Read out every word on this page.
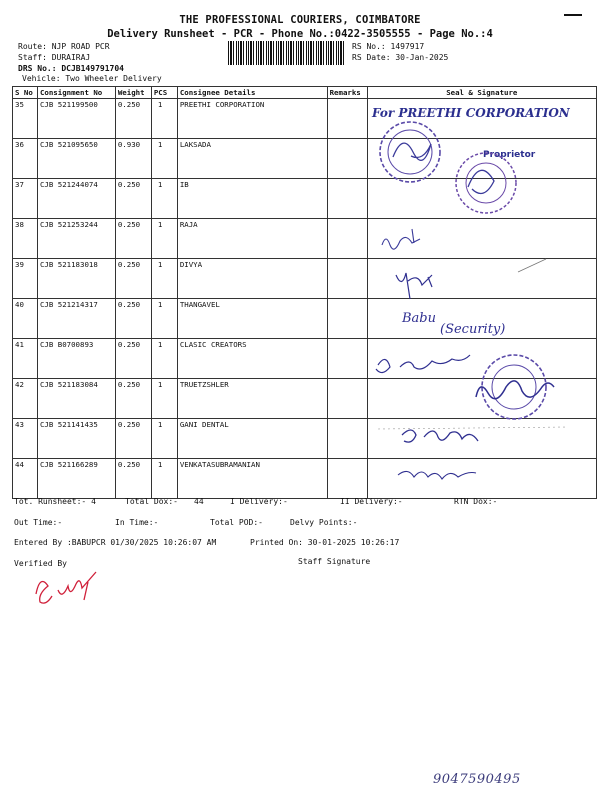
THE PROFESSIONAL COURIERS, COIMBATORE
Delivery Runsheet - PCR - Phone No.:0422-3505555 - Page No.:4
Route: NJP ROAD PCR
Staff: DURAIRAJ
DRS No.: DCJB149791704
Vehicle: Two Wheeler Delivery
RS No.: 1497917
RS Date: 30-Jan-2025
S No	Consignment No	Weight	PCS	Consignee Details	Remarks	Seal & Signature
35	CJB 521199500	0.250	1	PREETHI CORPORATION		
36	CJB 521095650	0.930	1	LAKSADA		
37	CJB 521244074	0.250	1	IB		
38	CJB 521253244	0.250	1	RAJA		
39	CJB 521183018	0.250	1	DIVYA		
40	CJB 521214317	0.250	1	THANGAVEL		
41	CJB B0700893	0.250	1	CLASIC CREATORS		
42	CJB 521183084	0.250	1	TRUETZSHLER		
43	CJB 521141435	0.250	1	GANI DENTAL		
44	CJB 521166289	0.250	1	VENKATASUBRAMANIAN		
For PREETHI CORPORATION
Proprietor
Babu
(Security)
Tot. Runsheet:- 4	Total Dox:- 44	I Delivery:-	II Delivery:-	RTN Dox:-
Out Time:-	In Time:-	Total POD:-	Delvy Points:-
Entered By :BABUPCR 01/30/2025 10:26:07 AM	Printed On: 30-01-2025 10:26:17
Verified By	Staff Signature
9047590495
